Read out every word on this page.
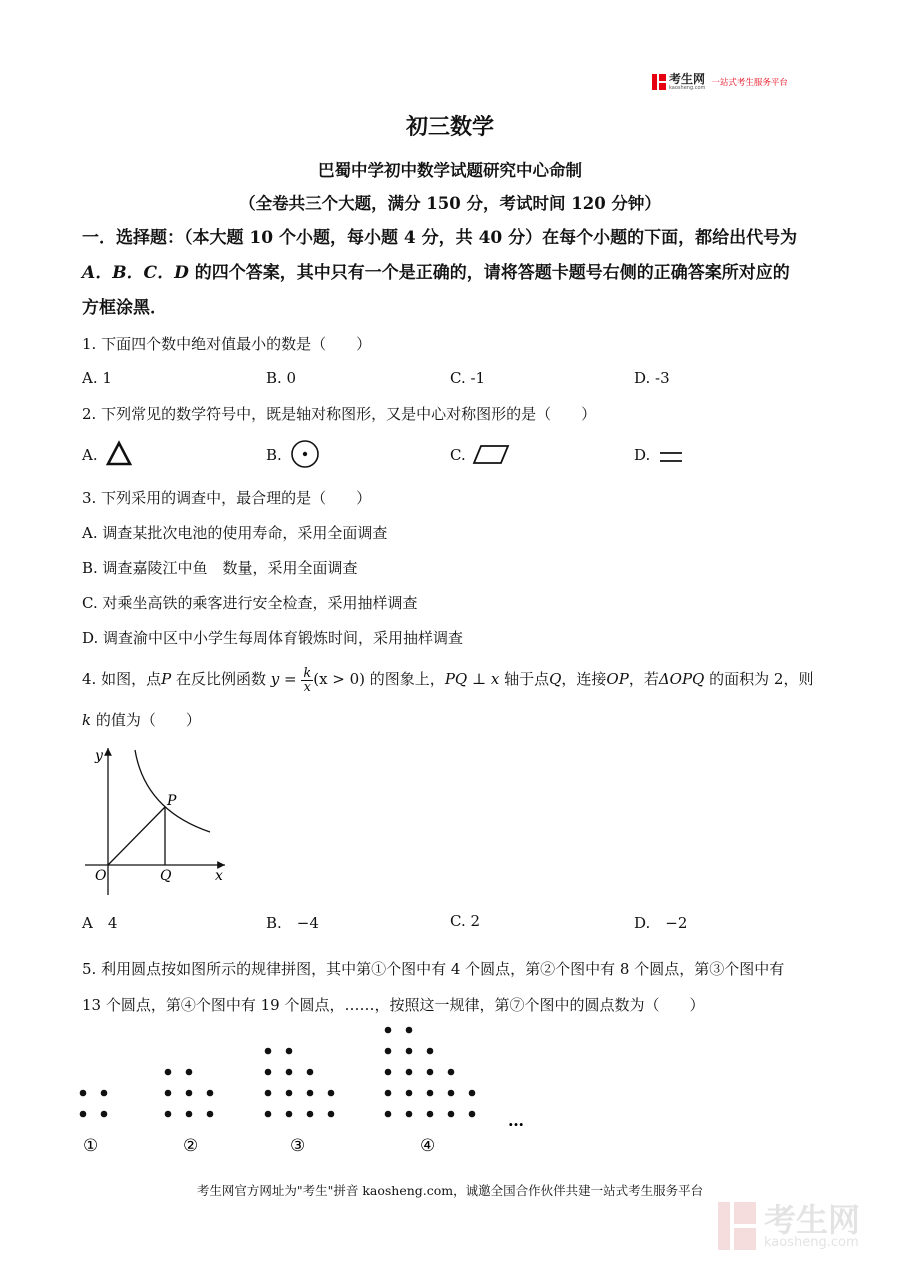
考生网
kaosheng.com 一站式考生服务平台
初三数学
巴蜀中学初中数学试题研究中心命制
（全卷共三个大题，满分 150 分，考试时间 120 分钟）
一．选择题：（本大题 10 个小题，每小题 4 分，共 40 分）在每个小题的下面，都给出代号为
A．B．C．D 的四个答案，其中只有一个是正确的，请将答题卡题号右侧的正确答案所对应的
方框涂黑．
1. 下面四个数中绝对值最小的数是（　　）
A. 1	B. 0	C. -1	D. -3
2. 下列常见的数学符号中，既是轴对称图形，又是中心对称图形的是（　　）
A.	B.	C.	D.
3. 下列采用的调查中，最合理的是（　　）
A. 调查某批次电池的使用寿命，采用全面调查
B. 调查嘉陵江中鱼　数量，采用全面调查
C. 对乘坐高铁的乘客进行安全检查，采用抽样调查
D. 调查渝中区中小学生每周体育锻炼时间，采用抽样调查
4. 如图，点P 在反比例函数 $y = \frac{k}{x} (x > 0)$ 的图象上，PQ ⊥ x 轴于点Q，连接OP，若ΔOPQ 的面积为 2，则
k 的值为（　　）
y
x
O	Q
P
A　4	B.　−4	C. 2	D.　−2
5. 利用圆点按如图所示的规律拼图，其中第①个图中有 4 个圆点，第②个图中有 8 个圆点，第③个图中有
13 个圆点，第④个图中有 19 个圆点，……，按照这一规律，第⑦个图中的圆点数为（　　）
①	②	③	④
…
考生网官方网址为"考生"拼音 kaosheng.com，诚邀全国合作伙伴共建一站式考生服务平台
考生网
kaosheng.com
